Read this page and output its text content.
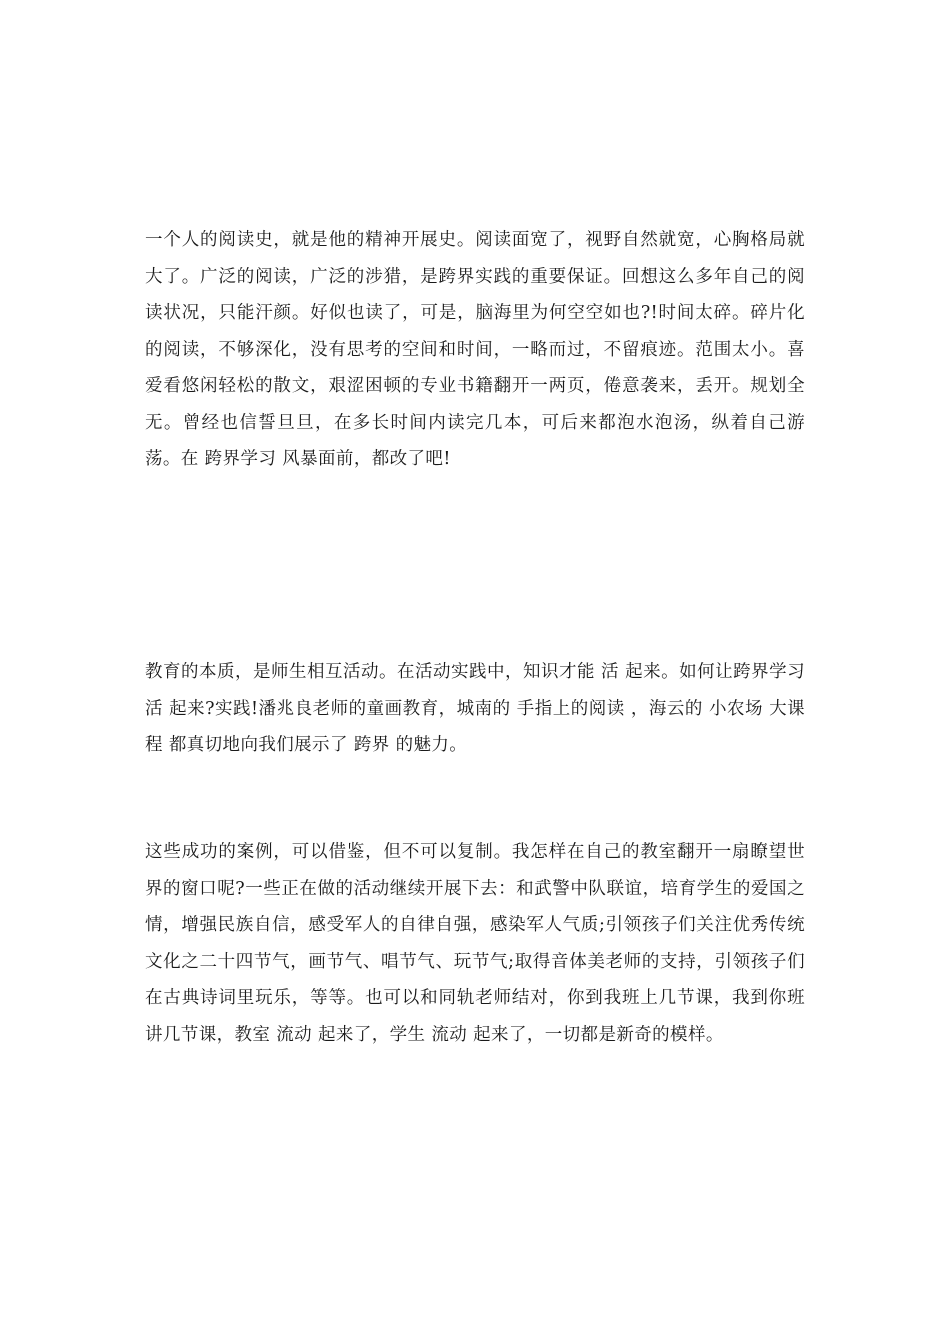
一个人的阅读史，就是他的精神开展史。阅读面宽了，视野自然就宽，心胸格局就大了。广泛的阅读，广泛的涉猎，是跨界实践的重要保证。回想这么多年自己的阅读状况，只能汗颜。好似也读了，可是，脑海里为何空空如也?!时间太碎。碎片化的阅读，不够深化，没有思考的空间和时间，一略而过，不留痕迹。范围太小。喜爱看悠闲轻松的散文，艰涩困顿的专业书籍翻开一两页，倦意袭来，丢开。规划全无。曾经也信誓旦旦，在多长时间内读完几本，可后来都泡水泡汤，纵着自己游荡。在 跨界学习 风暴面前，都改了吧!

教育的本质，是师生相互活动。在活动实践中，知识才能 活 起来。如何让跨界学习 活 起来?实践!潘兆良老师的童画教育，城南的 手指上的阅读 ，海云的 小农场 大课程 都真切地向我们展示了 跨界 的魅力。

这些成功的案例，可以借鉴，但不可以复制。我怎样在自己的教室翻开一扇瞭望世界的窗口呢?一些正在做的活动继续开展下去：和武警中队联谊，培育学生的爱国之情，增强民族自信，感受军人的自律自强，感染军人气质;引领孩子们关注优秀传统文化之二十四节气，画节气、唱节气、玩节气;取得音体美老师的支持，引领孩子们在古典诗词里玩乐，等等。也可以和同轨老师结对，你到我班上几节课，我到你班讲几节课，教室 流动 起来了，学生 流动 起来了，一切都是新奇的模样。
